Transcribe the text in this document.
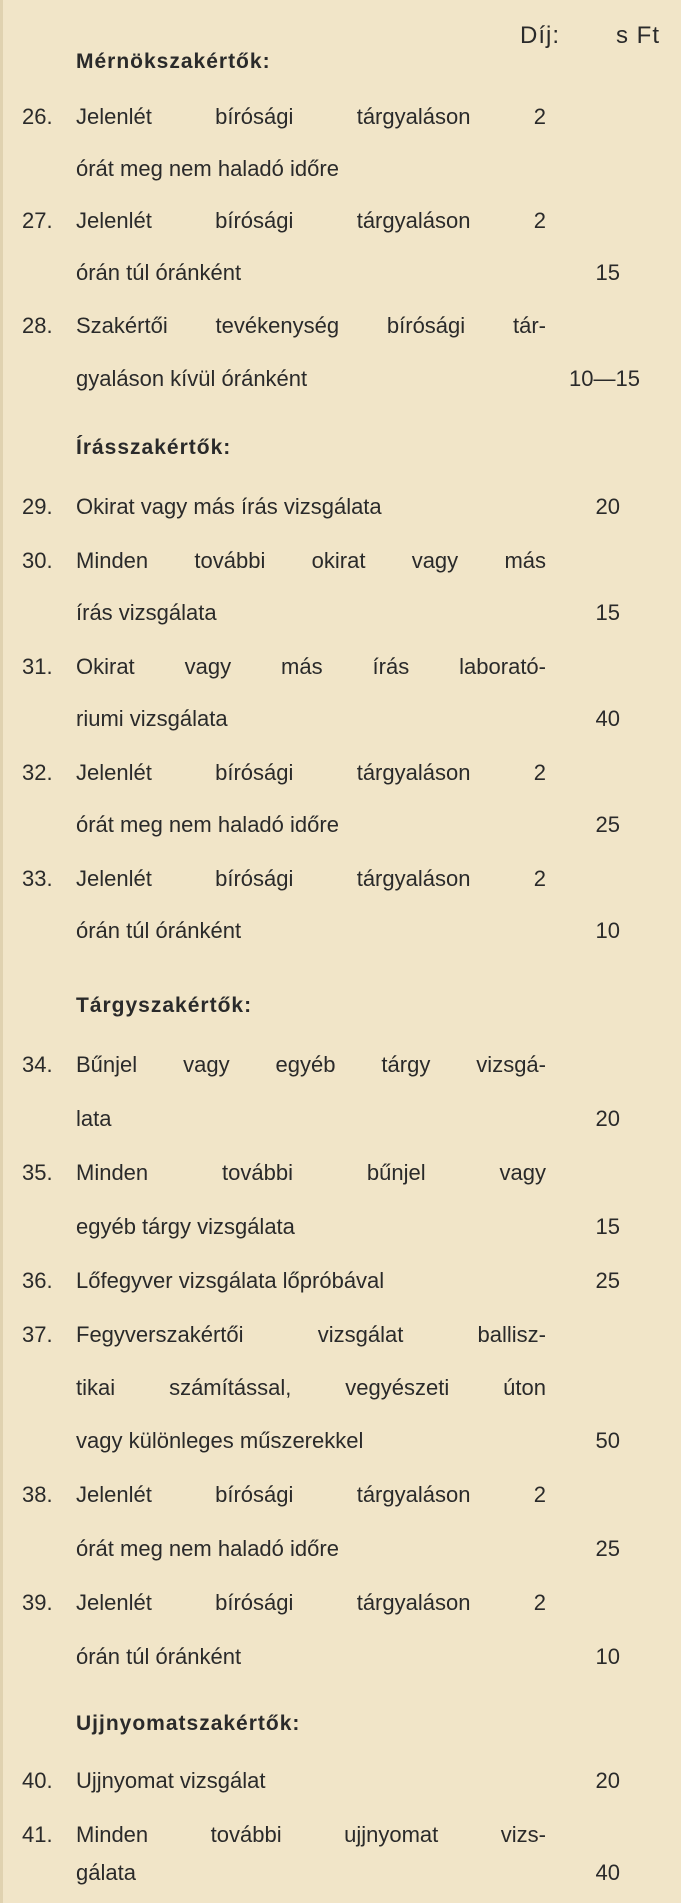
Díj: s Ft
Mérnökszakértők:
26. Jelenlét bírósági tárgyaláson 2
órát meg nem haladó időre
27. Jelenlét bírósági tárgyaláson 2
órán túl óránként	15
28. Szakértői tevékenység bírósági tár-
gyaláson kívül óránként	10—15
Írásszakértők:
29. Okirat vagy más írás vizsgálata	20
30. Minden további okirat vagy más
írás vizsgálata	15
31. Okirat vagy más írás laborató-
riumi vizsgálata	40
32. Jelenlét bírósági tárgyaláson 2
órát meg nem haladó időre	25
33. Jelenlét bírósági tárgyaláson 2
órán túl óránként	10
Tárgyszakértők:
34. Bűnjel vagy egyéb tárgy vizsgá-
lata	20
35. Minden további bűnjel vagy
egyéb tárgy vizsgálata	15
36. Lőfegyver vizsgálata lőpróbával	25
37. Fegyverszakértői vizsgálat ballisz-
tikai számítással, vegyészeti úton
vagy különleges műszerekkel	50
38. Jelenlét bírósági tárgyaláson 2
órát meg nem haladó időre	25
39. Jelenlét bírósági tárgyaláson 2
órán túl óránként	10
Ujjnyomatszakértők:
40. Ujjnyomat vizsgálat	20
41. Minden további ujjnyomat vizs-
gálata	40
